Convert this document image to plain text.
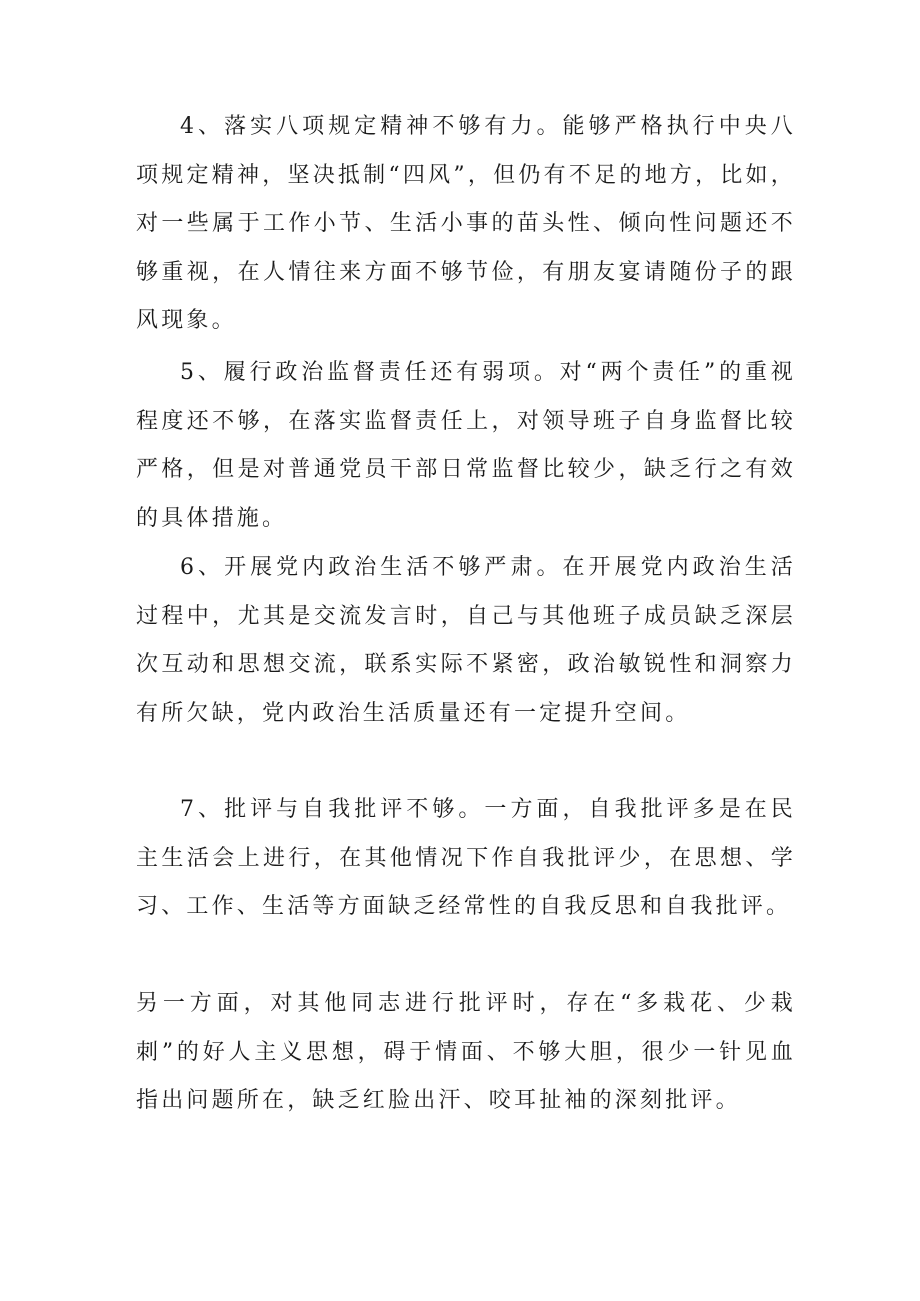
4、落实八项规定精神不够有力。能够严格执行中央八项规定精神，坚决抵制“四风”，但仍有不足的地方，比如，对一些属于工作小节、生活小事的苗头性、倾向性问题还不够重视，在人情往来方面不够节俭，有朋友宴请随份子的跟风现象。

5、履行政治监督责任还有弱项。对“两个责任”的重视程度还不够，在落实监督责任上，对领导班子自身监督比较严格，但是对普通党员干部日常监督比较少，缺乏行之有效的具体措施。

6、开展党内政治生活不够严肃。在开展党内政治生活过程中，尤其是交流发言时，自己与其他班子成员缺乏深层次互动和思想交流，联系实际不紧密，政治敏锐性和洞察力有所欠缺，党内政治生活质量还有一定提升空间。

7、批评与自我批评不够。一方面，自我批评多是在民主生活会上进行，在其他情况下作自我批评少，在思想、学习、工作、生活等方面缺乏经常性的自我反思和自我批评。

另一方面，对其他同志进行批评时，存在“多栽花、少栽刺”的好人主义思想，碍于情面、不够大胆，很少一针见血指出问题所在，缺乏红脸出汗、咬耳扯袖的深刻批评。
